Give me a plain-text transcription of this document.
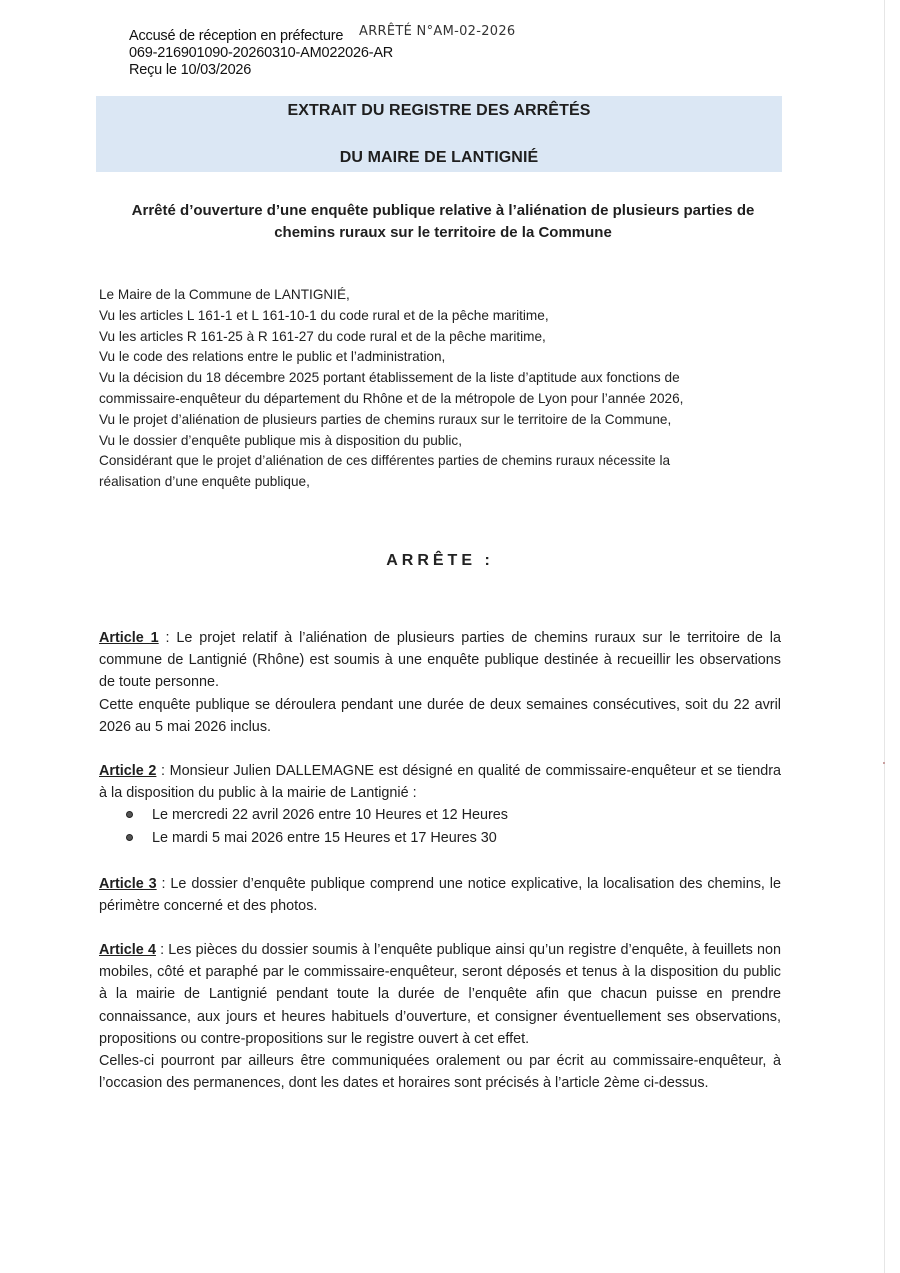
Accusé de réception en préfecture
069-216901090-20260310-AM022026-AR
Reçu le 10/03/2026
ARRÊTÉ N°AM-02-2026
EXTRAIT DU REGISTRE DES ARRÊTÉS
DU MAIRE DE LANTIGNIÉ
Arrêté d’ouverture d’une enquête publique relative à l’aliénation de plusieurs parties de
chemins ruraux sur le territoire de la Commune
Le Maire de la Commune de LANTIGNIÉ,
Vu les articles L 161-1 et L 161-10-1 du code rural et de la pêche maritime,
Vu les articles R 161-25 à R 161-27 du code rural et de la pêche maritime,
Vu le code des relations entre le public et l’administration,
Vu la décision du 18 décembre 2025 portant établissement de la liste d’aptitude aux fonctions de
commissaire-enquêteur du département du Rhône et de la métropole de Lyon pour l’année 2026,
Vu le projet d’aliénation de plusieurs parties de chemins ruraux sur le territoire de la Commune,
Vu le dossier d’enquête publique mis à disposition du public,
Considérant que le projet d’aliénation de ces différentes parties de chemins ruraux nécessite la
réalisation d’une enquête publique,
ARRÊTE :
Article 1 : Le projet relatif à l’aliénation de plusieurs parties de chemins ruraux sur le territoire de la commune de Lantignié (Rhône) est soumis à une enquête publique destinée à recueillir les observations de toute personne.
Cette enquête publique se déroulera pendant une durée de deux semaines consécutives, soit du 22 avril 2026 au 5 mai 2026 inclus.
Article 2 : Monsieur Julien DALLEMAGNE est désigné en qualité de commissaire-enquêteur et se tiendra à la disposition du public à la mairie de Lantignié :
Le mercredi 22 avril 2026 entre 10 Heures et 12 Heures
Le mardi 5 mai 2026 entre 15 Heures et 17 Heures 30
Article 3 : Le dossier d’enquête publique comprend une notice explicative, la localisation des chemins, le périmètre concerné et des photos.
Article 4 : Les pièces du dossier soumis à l’enquête publique ainsi qu’un registre d’enquête, à feuillets non mobiles, côté et paraphé par le commissaire-enquêteur, seront déposés et tenus à la disposition du public à la mairie de Lantignié pendant toute la durée de l’enquête afin que chacun puisse en prendre connaissance, aux jours et heures habituels d’ouverture, et consigner éventuellement ses observations, propositions ou contre-propositions sur le registre ouvert à cet effet.
Celles-ci pourront par ailleurs être communiquées oralement ou par écrit au commissaire-enquêteur, à l’occasion des permanences, dont les dates et horaires sont précisés à l’article 2ème ci-dessus.
